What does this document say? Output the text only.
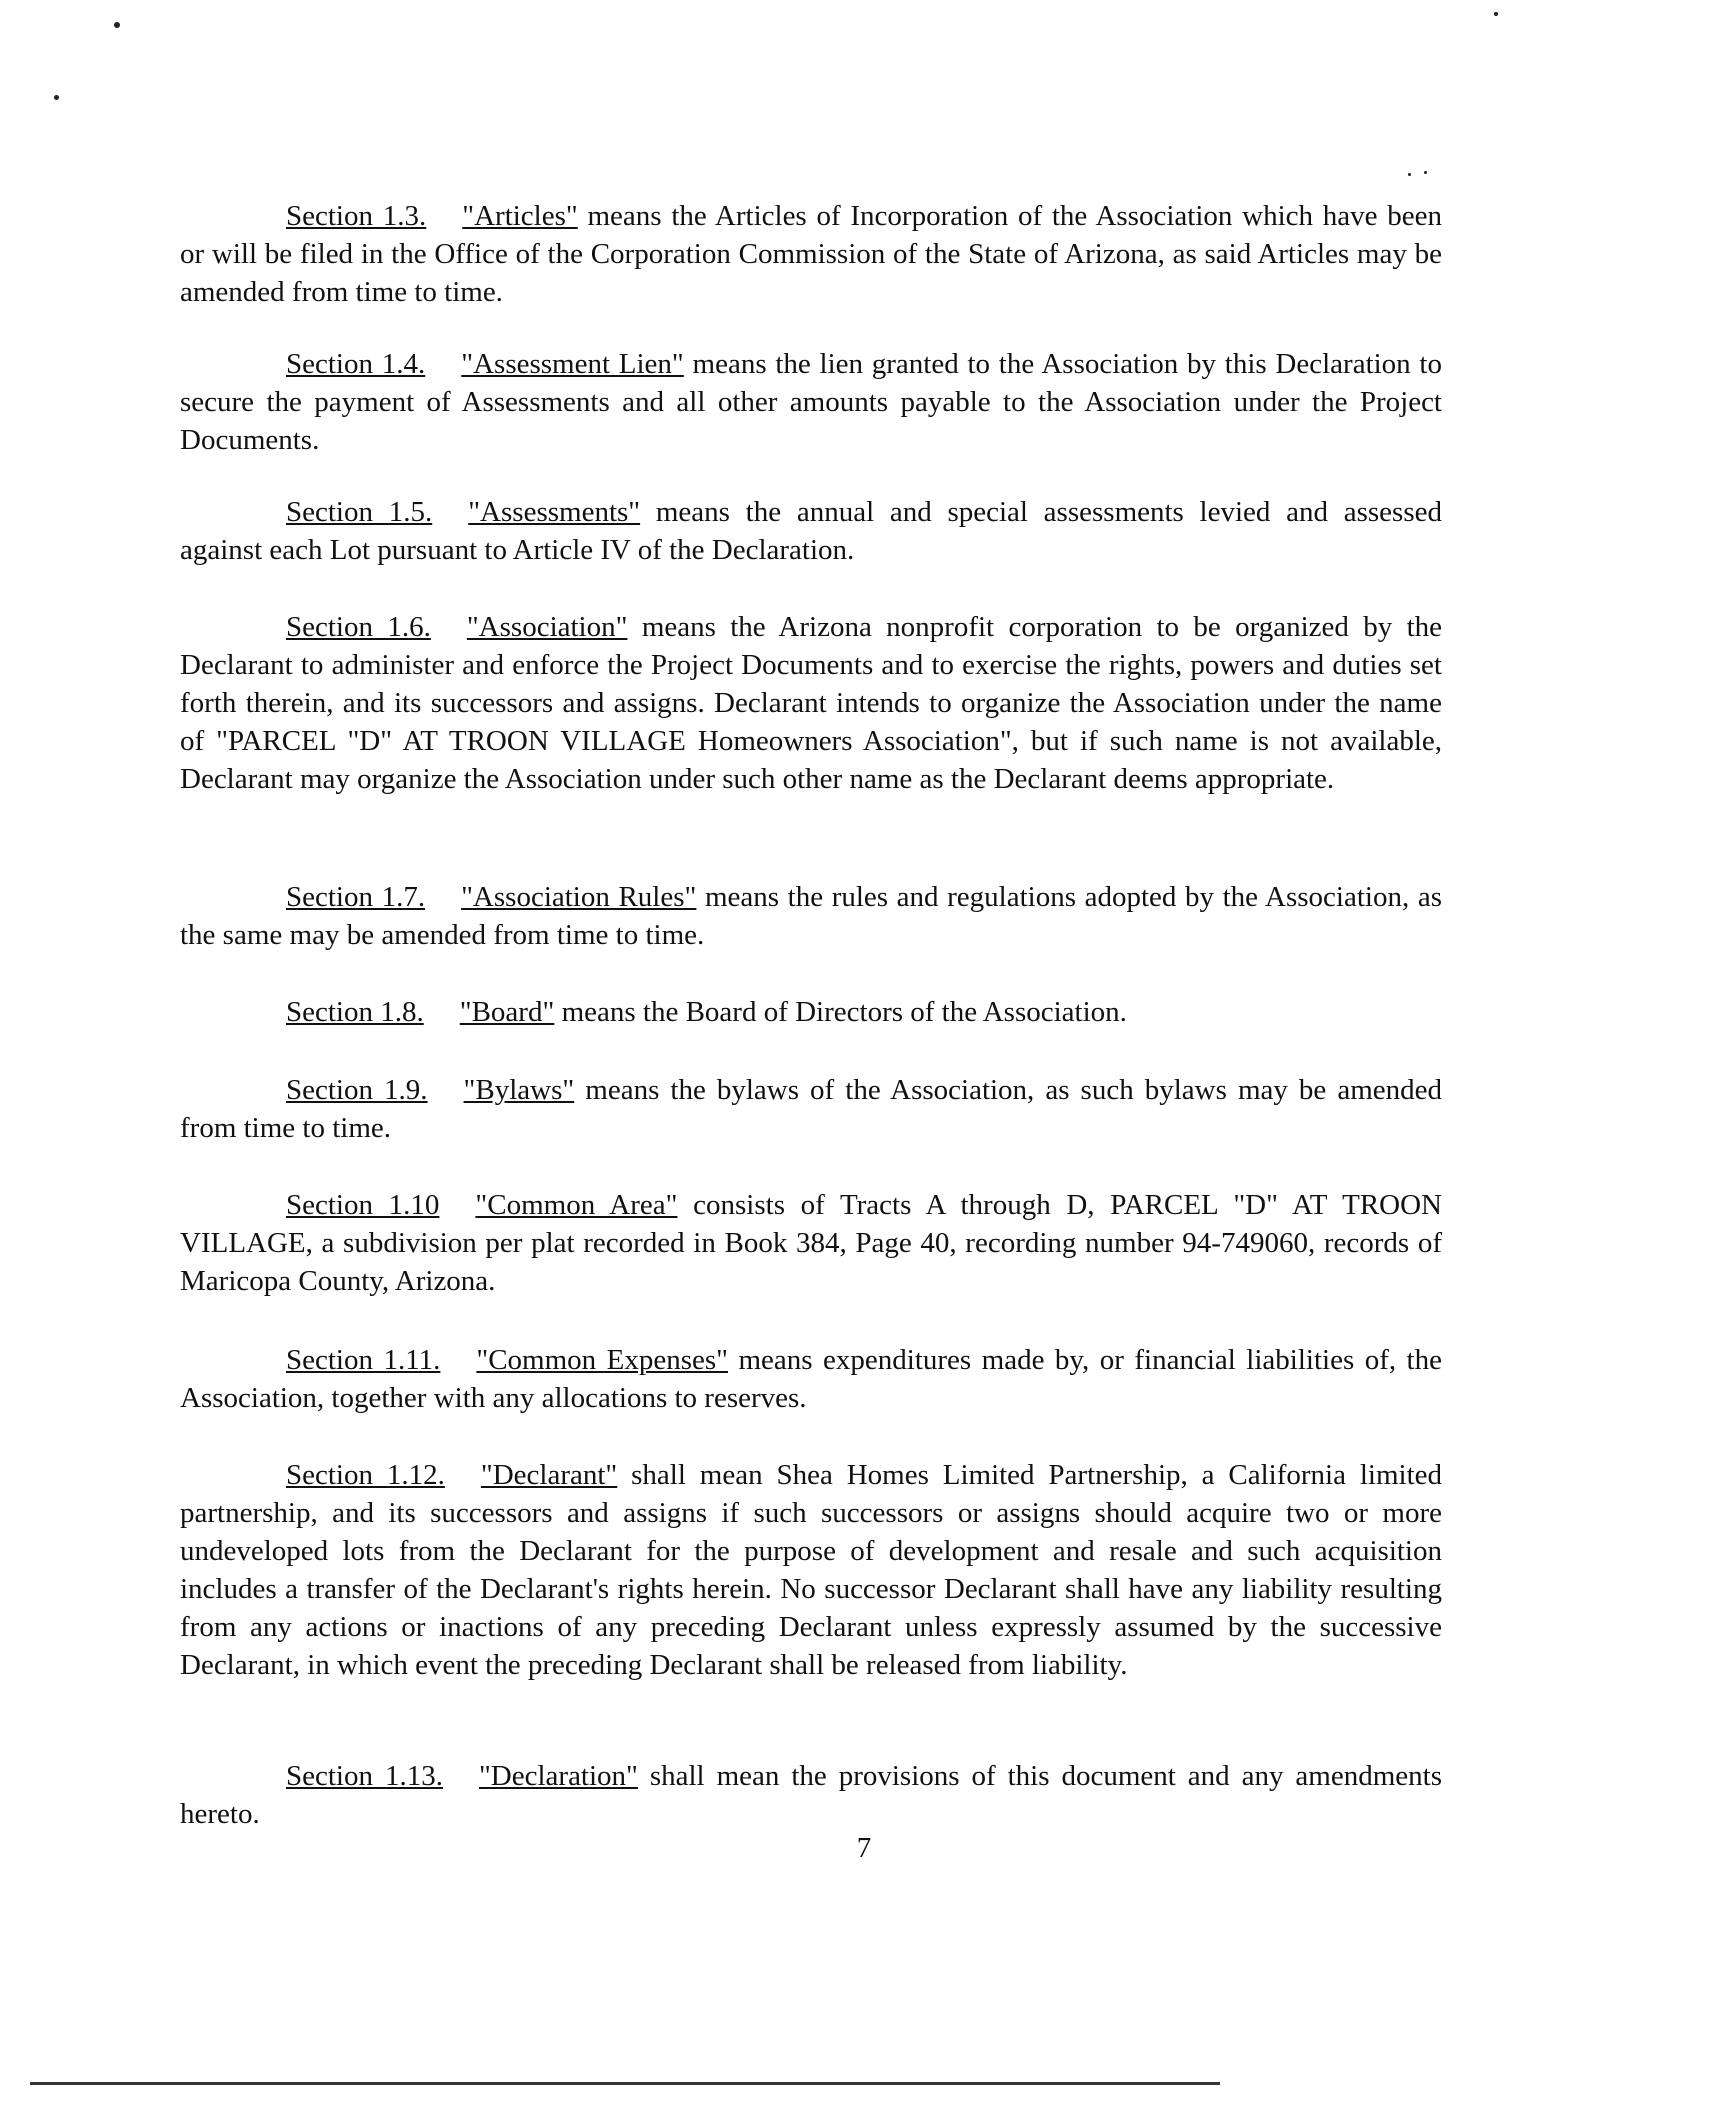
Section 1.3. "Articles" means the Articles of Incorporation of the Association which have been or will be filed in the Office of the Corporation Commission of the State of Arizona, as said Articles may be amended from time to time.

Section 1.4. "Assessment Lien" means the lien granted to the Association by this Declaration to secure the payment of Assessments and all other amounts payable to the Association under the Project Documents.

Section 1.5. "Assessments" means the annual and special assessments levied and assessed against each Lot pursuant to Article IV of the Declaration.

Section 1.6. "Association" means the Arizona nonprofit corporation to be organized by the Declarant to administer and enforce the Project Documents and to exercise the rights, powers and duties set forth therein, and its successors and assigns. Declarant intends to organize the Association under the name of "PARCEL "D" AT TROON VILLAGE Homeowners Association", but if such name is not available, Declarant may organize the Association under such other name as the Declarant deems appropriate.

Section 1.7. "Association Rules" means the rules and regulations adopted by the Association, as the same may be amended from time to time.

Section 1.8. "Board" means the Board of Directors of the Association.

Section 1.9. "Bylaws" means the bylaws of the Association, as such bylaws may be amended from time to time.

Section 1.10 "Common Area" consists of Tracts A through D, PARCEL "D" AT TROON VILLAGE, a subdivision per plat recorded in Book 384, Page 40, recording number 94-749060, records of Maricopa County, Arizona.

Section 1.11. "Common Expenses" means expenditures made by, or financial liabilities of, the Association, together with any allocations to reserves.

Section 1.12. "Declarant" shall mean Shea Homes Limited Partnership, a California limited partnership, and its successors and assigns if such successors or assigns should acquire two or more undeveloped lots from the Declarant for the purpose of development and resale and such acquisition includes a transfer of the Declarant's rights herein. No successor Declarant shall have any liability resulting from any actions or inactions of any preceding Declarant unless expressly assumed by the successive Declarant, in which event the preceding Declarant shall be released from liability.

Section 1.13. "Declaration" shall mean the provisions of this document and any amendments hereto.

7
